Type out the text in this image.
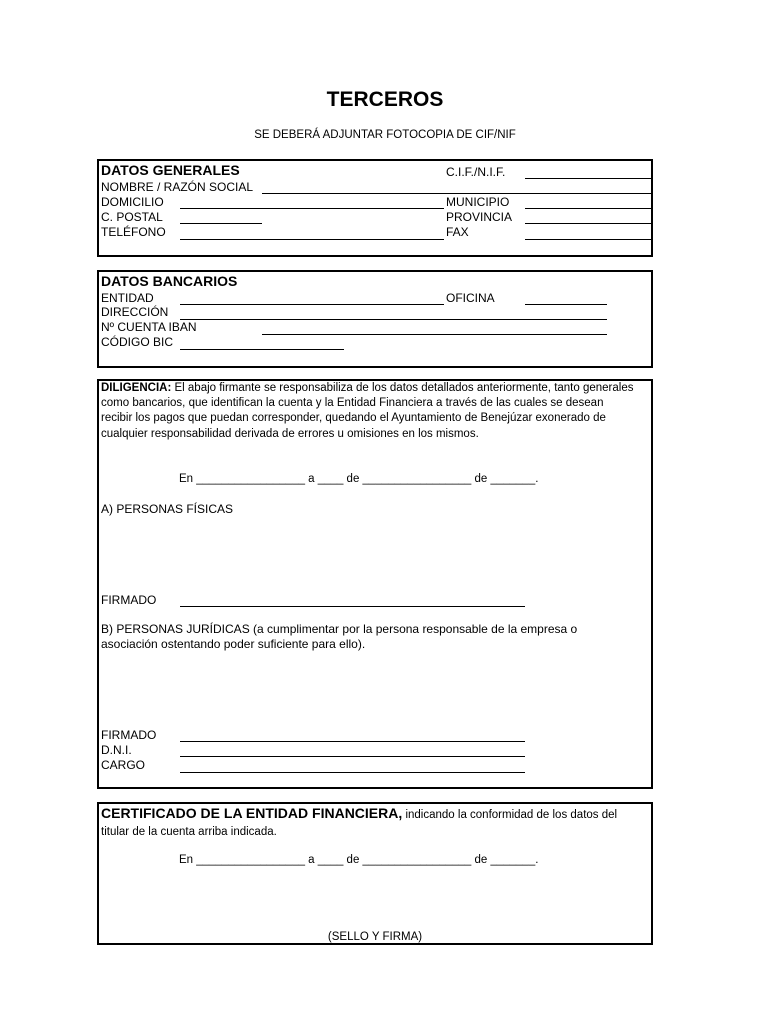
TERCEROS
SE DEBERÁ ADJUNTAR FOTOCOPIA DE CIF/NIF
DATOS GENERALES	C.I.F./N.I.F.
NOMBRE / RAZÓN SOCIAL
DOMICILIO	MUNICIPIO
C. POSTAL	PROVINCIA
TELÉFONO	FAX
DATOS BANCARIOS
ENTIDAD	OFICINA
DIRECCIÓN
Nº CUENTA IBAN
CÓDIGO BIC
DILIGENCIA: El abajo firmante se responsabiliza de los datos detallados anteriormente, tanto generales como bancarios, que identifican la cuenta y la Entidad Financiera a través de las cuales se desean recibir los pagos que puedan corresponder, quedando el Ayuntamiento de Benejúzar exonerado de cualquier responsabilidad derivada de errores u omisiones en los mismos.
En _________________ a ____ de _________________ de _______.
A) PERSONAS FÍSICAS
FIRMADO
B) PERSONAS JURÍDICAS (a cumplimentar por la persona responsable de la empresa o asociación ostentando poder suficiente para ello).
FIRMADO
D.N.I.
CARGO
CERTIFICADO DE LA ENTIDAD FINANCIERA, indicando la conformidad de los datos del titular de la cuenta arriba indicada.
En _________________ a ____ de _________________ de _______.
(SELLO Y FIRMA)
